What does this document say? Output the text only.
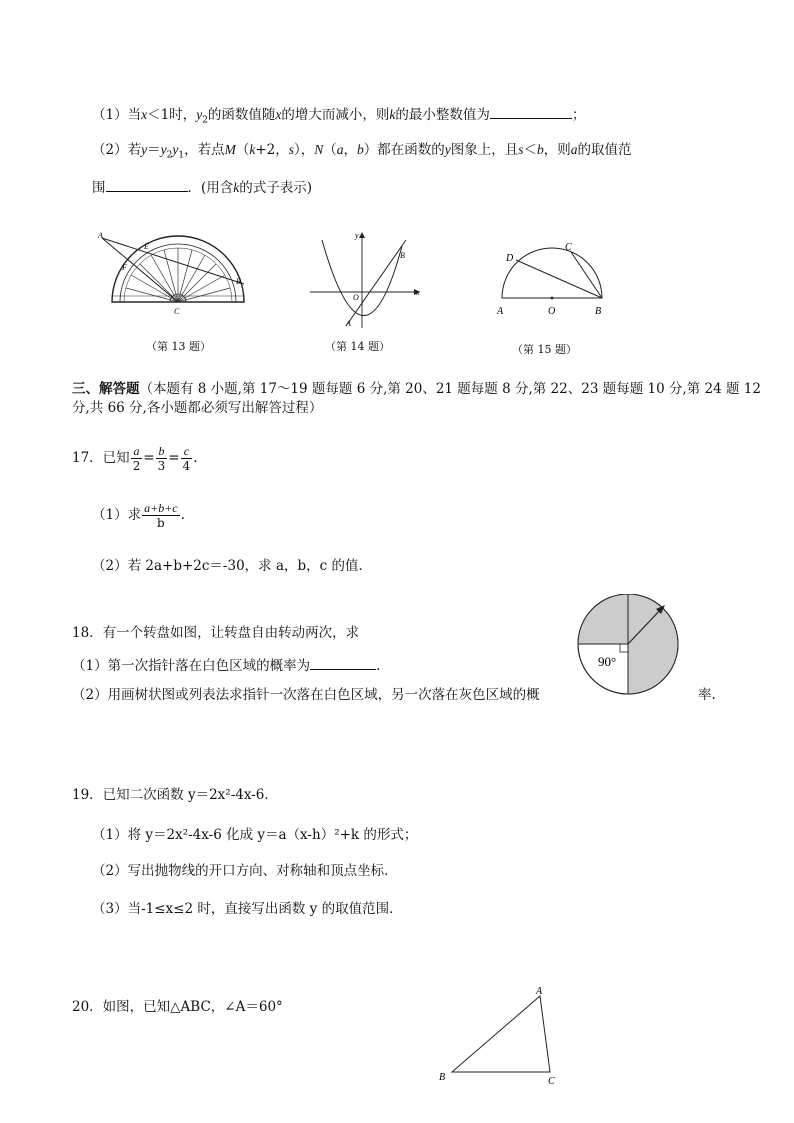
（1）当x＜1时，$y_2$的函数值随x的增大而减小，则k的最小整数值为	；
（2）若$y=y_2y_1$，若点M（k+2，s），N（a，b）都在函数的y图象上，且s＜b，则a的取值范
围	．(用含k的式子表示)
A
E
F
B
C
（第 13 题）
y
x
O
A
B
（第 14 题）
D
C
A	O	B
（第 15 题）
三、解答题（本题有 8 小题,第 17～19 题每题 6 分,第 20、21 题每题 8 分,第 22、23 题每题 10 分,第 24 题 12
分,共 66 分,各小题都必须写出解答过程）
17．已知 $\frac{a}{2} = \frac{b}{3} = \frac{c}{4}$ .
（1）求 $\frac{a+b+c}{b}$ .
（2）若 2a+b+2c＝-30，求 a，b，c 的值．
18．有一个转盘如图，让转盘自由转动两次，求
（1）第一次指针落在白色区域的概率为	.
（2）用画树状图或列表法求指针一次落在白色区域，另一次落在灰色区域的概	率.
90°
19．已知二次函数 y＝2x²-4x-6．
（1）将 y＝2x²-4x-6 化成 y＝a（x-h）²+k 的形式；
（2）写出抛物线的开口方向、对称轴和顶点坐标．
（3）当-1≤x≤2 时，直接写出函数 y 的取值范围．
20．如图，已知△ABC，∠A＝60°
A
B	C
